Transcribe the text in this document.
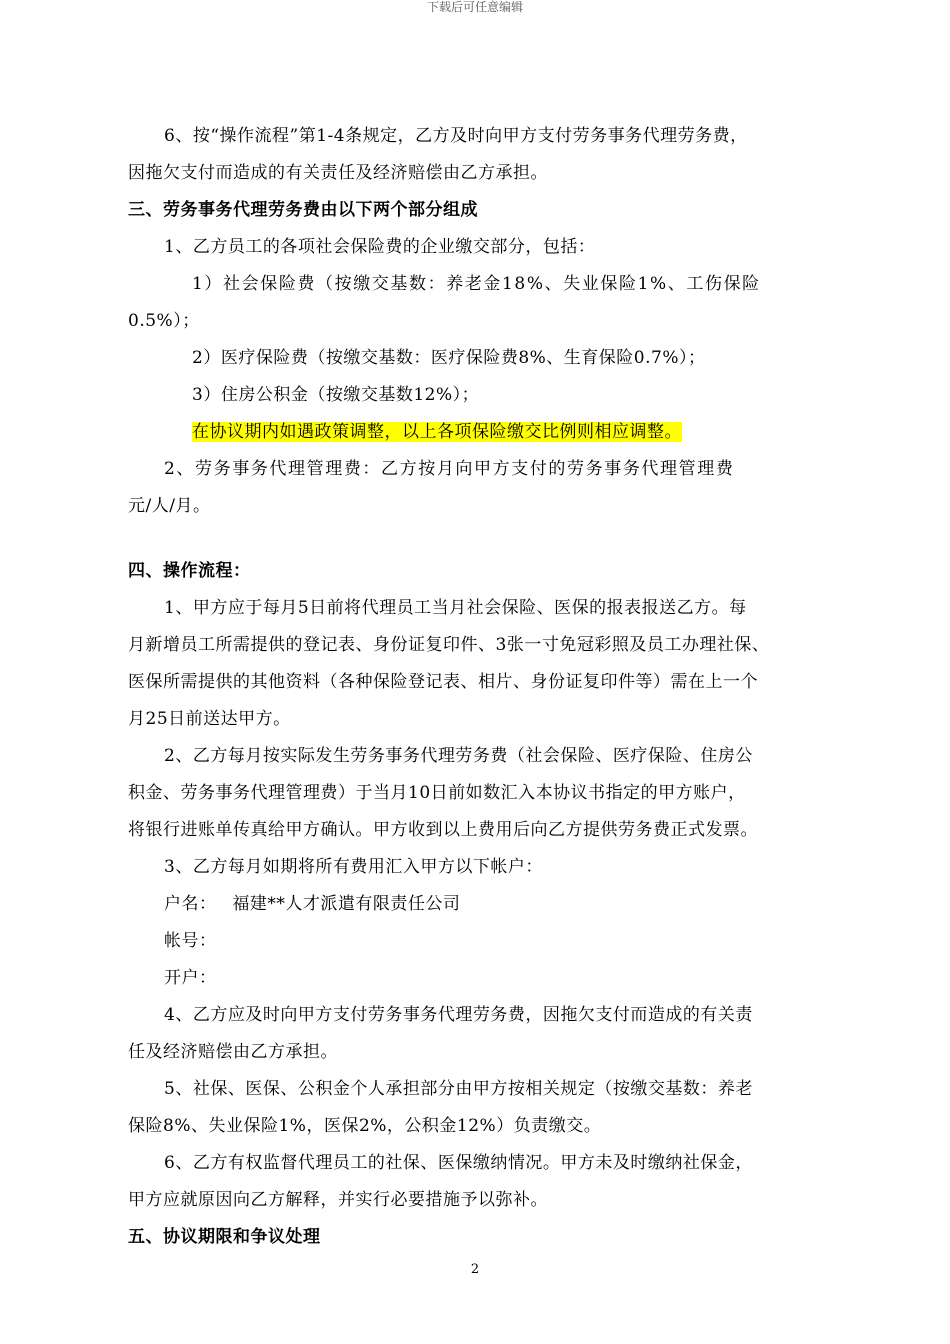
下载后可任意编辑
6、按“操作流程”第1-4条规定，乙方及时向甲方支付劳务事务代理劳务费，
因拖欠支付而造成的有关责任及经济赔偿由乙方承担。
三、劳务事务代理劳务费由以下两个部分组成
1、乙方员工的各项社会保险费的企业缴交部分，包括：
1）社会保险费（按缴交基数：养老金18%、失业保险1%、工伤保险
0.5%）；
2）医疗保险费（按缴交基数：医疗保险费8%、生育保险0.7%）；
3）住房公积金（按缴交基数12%）；
在协议期内如遇政策调整，以上各项保险缴交比例则相应调整。
2、劳务事务代理管理费：乙方按月向甲方支付的劳务事务代理管理费
元/人/月。
四、操作流程：
1、甲方应于每月5日前将代理员工当月社会保险、医保的报表报送乙方。每
月新增员工所需提供的登记表、身份证复印件、3张一寸免冠彩照及员工办理社保、
医保所需提供的其他资料（各种保险登记表、相片、身份证复印件等）需在上一个
月25日前送达甲方。
2、乙方每月按实际发生劳务事务代理劳务费（社会保险、医疗保险、住房公
积金、劳务事务代理管理费）于当月10日前如数汇入本协议书指定的甲方账户，
将银行进账单传真给甲方确认。甲方收到以上费用后向乙方提供劳务费正式发票。
3、乙方每月如期将所有费用汇入甲方以下帐户：
户名： 福建**人才派遣有限责任公司
帐号：
开户：
4、乙方应及时向甲方支付劳务事务代理劳务费，因拖欠支付而造成的有关责
任及经济赔偿由乙方承担。
5、社保、医保、公积金个人承担部分由甲方按相关规定（按缴交基数：养老
保险8%、失业保险1%，医保2%，公积金12%）负责缴交。
6、乙方有权监督代理员工的社保、医保缴纳情况。甲方未及时缴纳社保金，
甲方应就原因向乙方解释，并实行必要措施予以弥补。
五、协议期限和争议处理
2
